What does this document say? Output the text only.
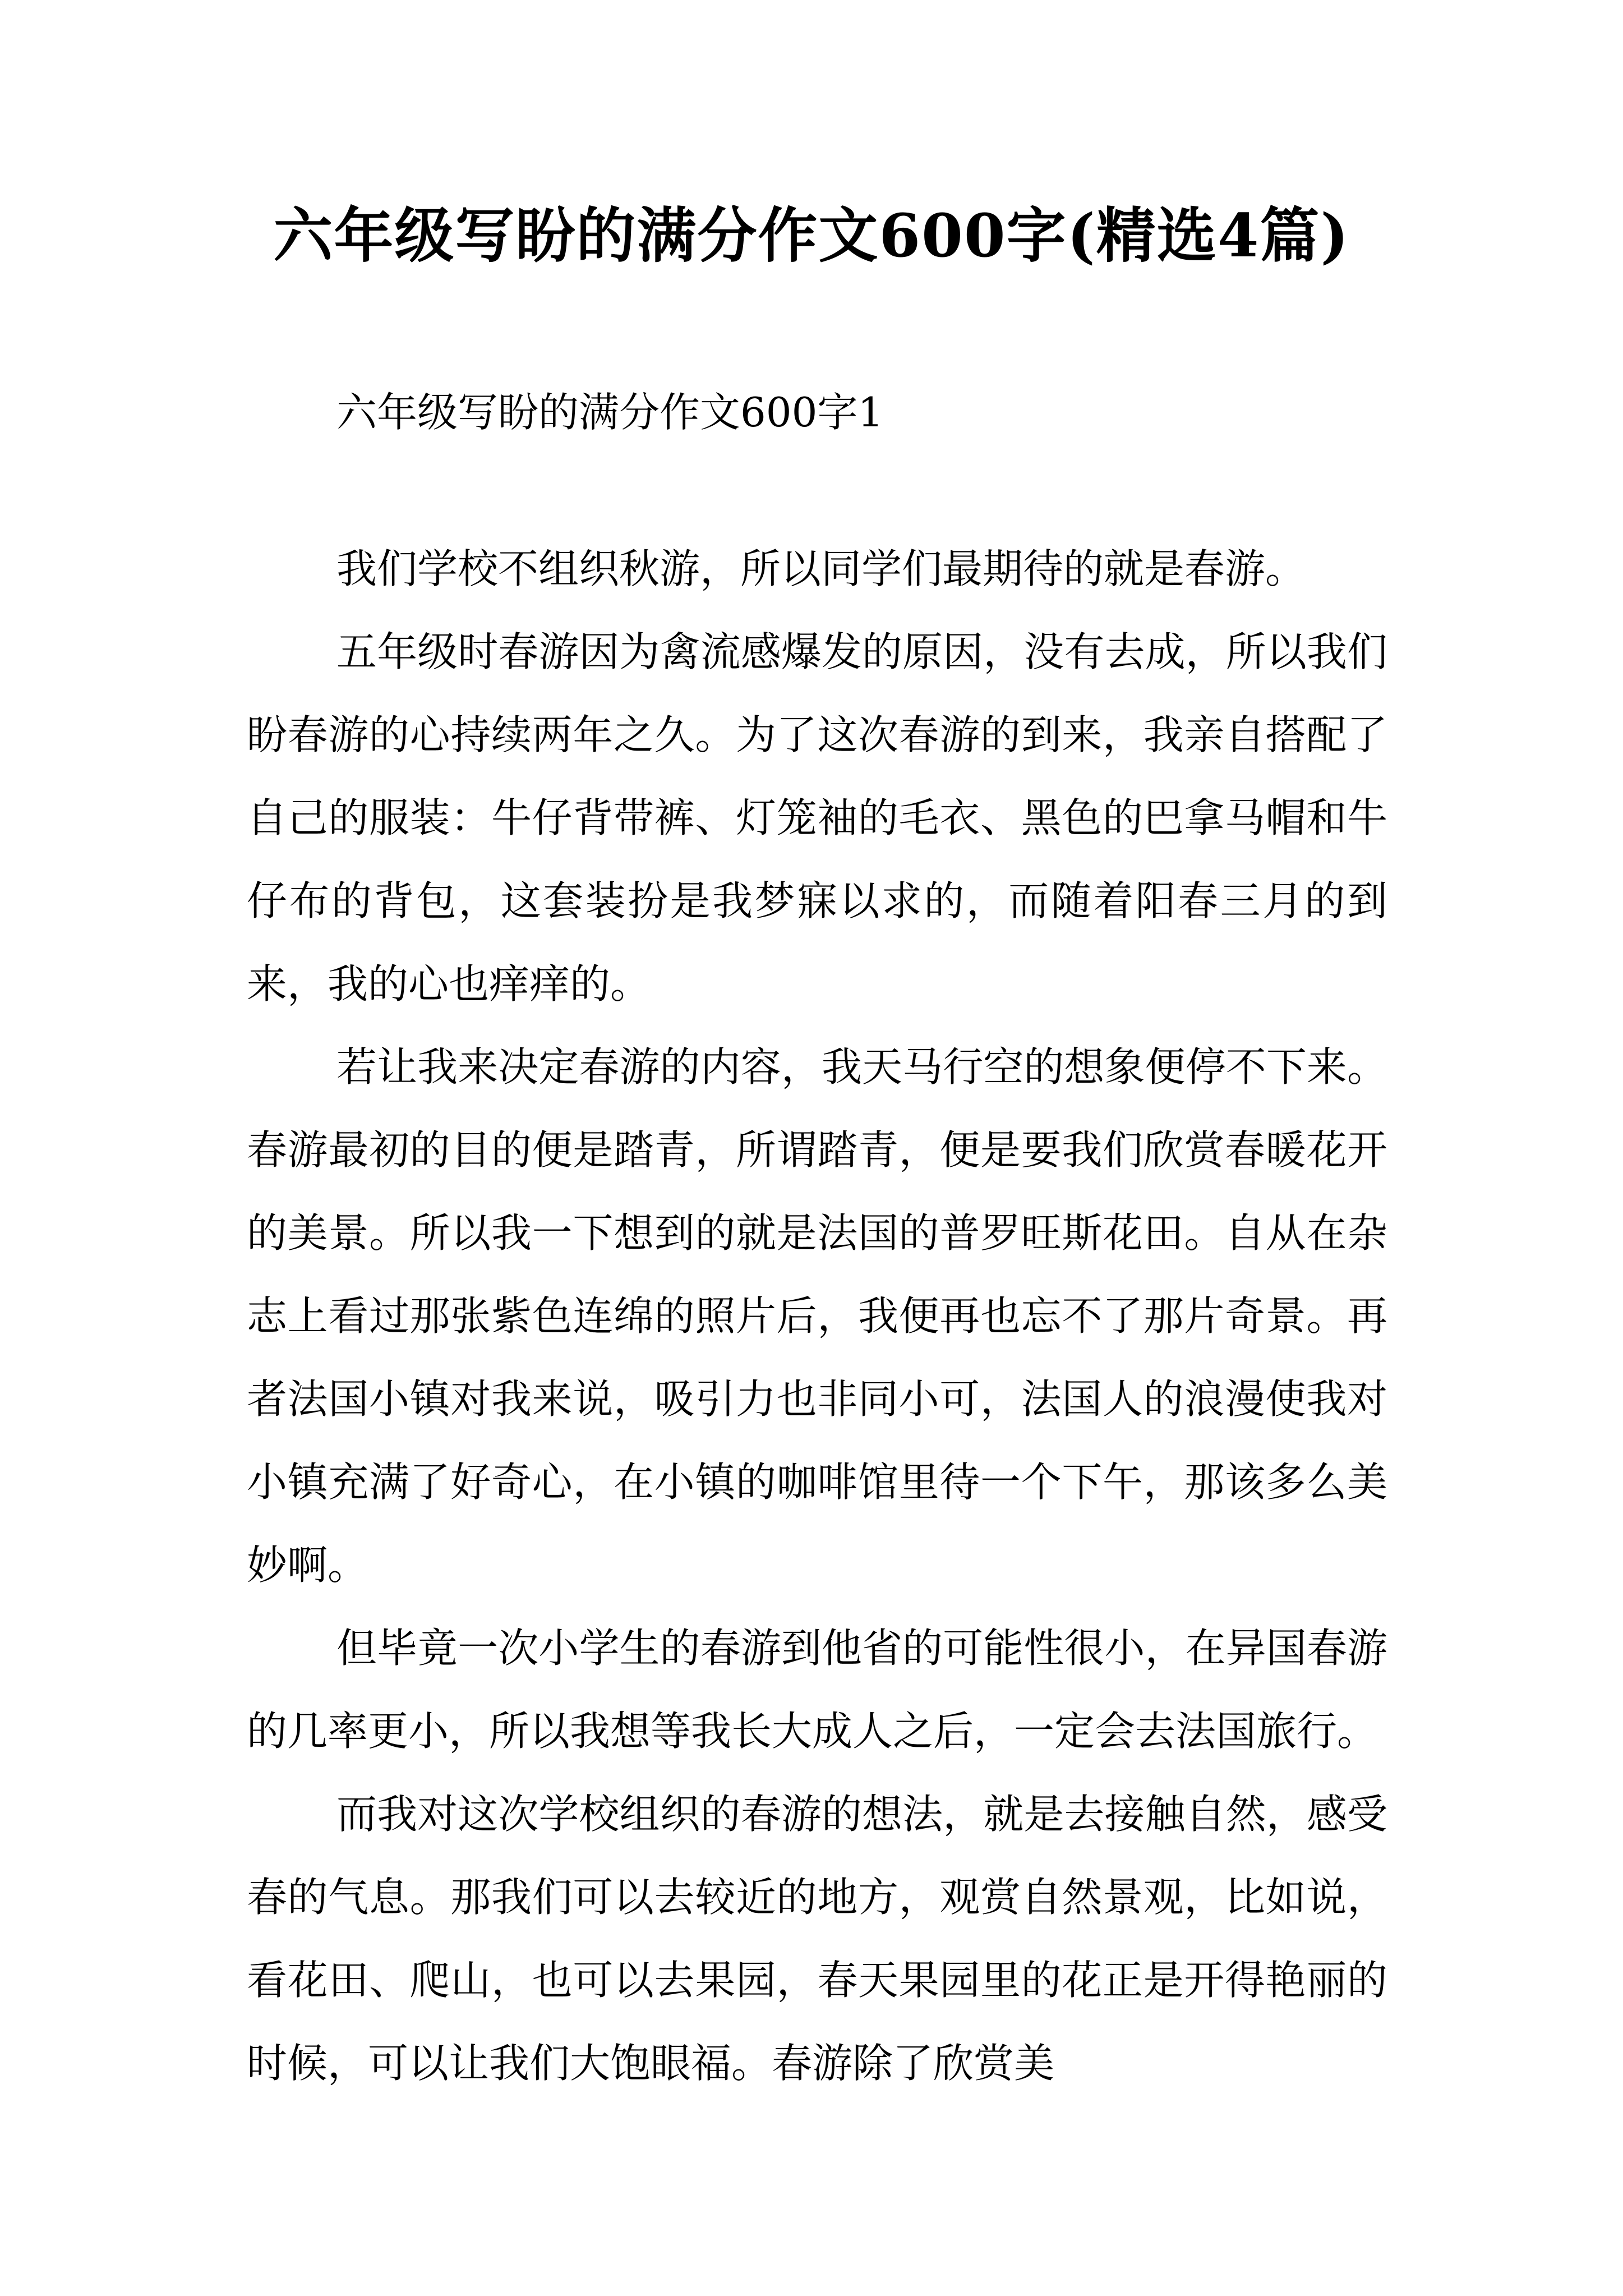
六年级写盼的满分作文600字(精选4篇)
六年级写盼的满分作文600字1

我们学校不组织秋游，所以同学们最期待的就是春游。

五年级时春游因为禽流感爆发的原因，没有去成，所以我们盼春游的心持续两年之久。为了这次春游的到来，我亲自搭配了自己的服装：牛仔背带裤、灯笼袖的毛衣、黑色的巴拿马帽和牛仔布的背包，这套装扮是我梦寐以求的，而随着阳春三月的到来，我的心也痒痒的。

若让我来决定春游的内容，我天马行空的想象便停不下来。春游最初的目的便是踏青，所谓踏青，便是要我们欣赏春暖花开的美景。所以我一下想到的就是法国的普罗旺斯花田。自从在杂志上看过那张紫色连绵的照片后，我便再也忘不了那片奇景。再者法国小镇对我来说，吸引力也非同小可，法国人的浪漫使我对小镇充满了好奇心，在小镇的咖啡馆里待一个下午，那该多么美妙啊。

但毕竟一次小学生的春游到他省的可能性很小，在异国春游的几率更小，所以我想等我长大成人之后，一定会去法国旅行。

而我对这次学校组织的春游的想法，就是去接触自然，感受春的气息。那我们可以去较近的地方，观赏自然景观，比如说，看花田、爬山，也可以去果园，春天果园里的花正是开得艳丽的时候，可以让我们大饱眼福。春游除了欣赏美
